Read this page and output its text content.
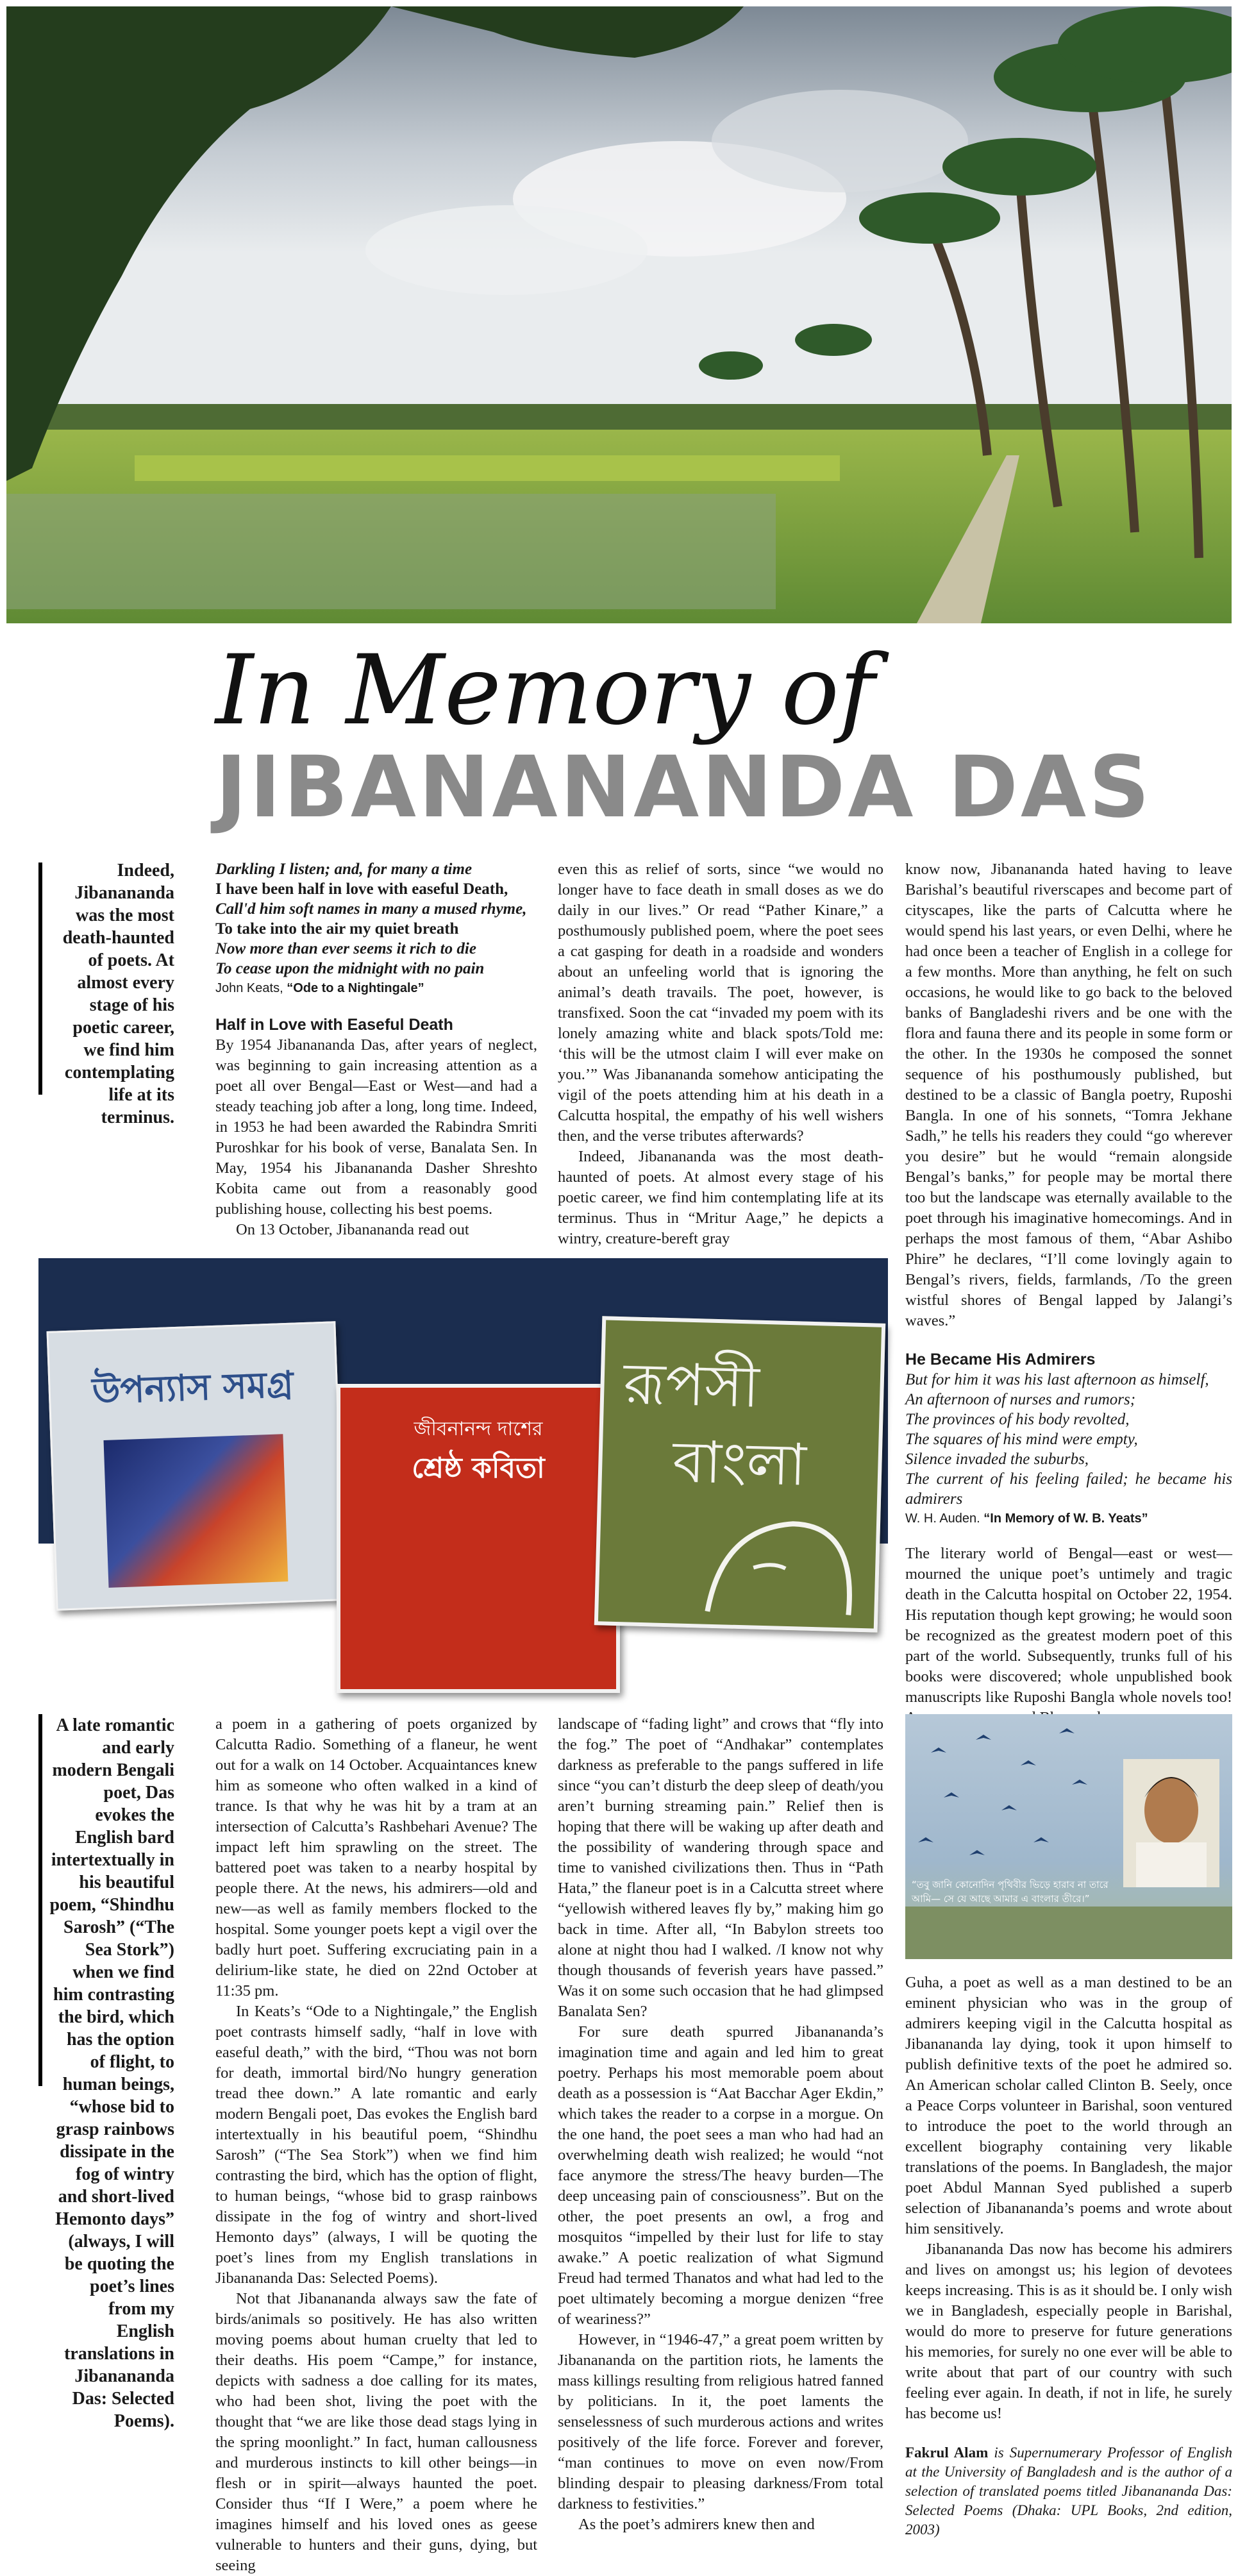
In Memory of
JIBANANANDA DAS
Indeed, Jibanananda was the most death-haunted of poets. At almost every stage of his poetic career, we find him contemplating life at its terminus.
Darkling I listen; and, for many a time
I have been half in love with easeful Death,
Call'd him soft names in many a mused rhyme,
To take into the air my quiet breath
Now more than ever seems it rich to die
To cease upon the midnight with no pain
John Keats, “Ode to a Nightingale”

Half in Love with Easeful Death

By 1954 Jibanananda Das, after years of neglect, was beginning to gain increasing attention as a poet all over Bengal—East or West—and had a steady teaching job after a long, long time. Indeed, in 1953 he had been awarded the Rabindra Smriti Puroshkar for his book of verse, Banalata Sen. In May, 1954 his Jibanananda Dasher Shreshto Kobita came out from a reasonably good publishing house, collecting his best poems.

On 13 October, Jibanananda read out

even this as relief of sorts, since “we would no longer have to face death in small doses as we do daily in our lives.” Or read “Pather Kinare,” a posthumously published poem, where the poet sees a cat gasping for death in a roadside and wonders about an unfeeling world that is ignoring the animal’s death travails. The poet, however, is transfixed. Soon the cat “invaded my poem with its lonely amazing white and black spots/Told me: ‘this will be the utmost claim I will ever make on you.’” Was Jibanananda somehow anticipating the vigil of the poets attending him at his death in a Calcutta hospital, the empathy of his well wishers then, and the verse tributes afterwards?

Indeed, Jibanananda was the most death-haunted of poets. At almost every stage of his poetic career, we find him contemplating life at its terminus. Thus in “Mritur Aage,” he depicts a wintry, creature-bereft gray

know now, Jibanananda hated having to leave Barishal’s beautiful riverscapes and become part of cityscapes, like the parts of Calcutta where he would spend his last years, or even Delhi, where he had once been a teacher of English in a college for a few months. More than anything, he felt on such occasions, he would like to go back to the beloved banks of Bangladeshi rivers and be one with the flora and fauna there and its people in some form or the other. In the 1930s he composed the sonnet sequence of his posthumously published, but destined to be a classic of Bangla poetry, Ruposhi Bangla. In one of his sonnets, “Tomra Jekhane Sadh,” he tells his readers they could “go wherever you desire” but he would “remain alongside Bengal’s banks,” for people may be mortal there too but the landscape was eternally available to the poet through his imaginative homecomings. And in perhaps the most famous of them, “Abar Ashibo Phire” he declares, “I’ll come lovingly again to Bengal’s rivers, fields, farmlands, /To the green wistful shores of Bengal lapped by Jalangi’s waves.”

He Became His Admirers

But for him it was his last afternoon as himself,
An afternoon of nurses and rumors;
The provinces of his body revolted,
The squares of his mind were empty,
Silence invaded the suburbs,
The current of his feeling failed; he became his admirers
W. H. Auden. “In Memory of W. B. Yeats”

The literary world of Bengal—east or west—mourned the unique poet’s untimely and tragic death in the Calcutta hospital on October 22, 1954. His reputation though kept growing; he would soon be recognized as the greatest modern poet of this part of the world. Subsequently, trunks full of his books were discovered; whole unpublished book manuscripts like Ruposhi Bangla whole novels too!

উপন্যাস সমগ্র
জীবনানন্দ দাশের
শ্রেষ্ঠ কবিতা
রূপসী
বাংলা
A late romantic and early modern Bengali poet, Das evokes the English bard intertextually in his beautiful poem, “Shindhu Sarosh” (“The Sea Stork”) when we find him contrasting the bird, which has the option of flight, to human beings, “whose bid to grasp rainbows dissipate in the fog of wintry and short-lived Hemonto days” (always, I will be quoting the poet’s lines from my English translations in Jibanananda Das: Selected Poems).

a poem in a gathering of poets organized by Calcutta Radio. Something of a flaneur, he went out for a walk on 14 October. Acquaintances knew him as someone who often walked in a kind of trance. Is that why he was hit by a tram at an intersection of Calcutta’s Rashbehari Avenue? The impact left him sprawling on the street. The battered poet was taken to a nearby hospital by people there. At the news, his admirers—old and new—as well as family members flocked to the hospital. Some younger poets kept a vigil over the badly hurt poet. Suffering excruciating pain in a delirium-like state, he died on 22nd October at 11:35 pm.

In Keats’s “Ode to a Nightingale,” the English poet contrasts himself sadly, “half in love with easeful death,” with the bird, “Thou was not born for death, immortal bird/No hungry generation tread thee down.” A late romantic and early modern Bengali poet, Das evokes the English bard intertextually in his beautiful poem, “Shindhu Sarosh” (“The Sea Stork”) when we find him contrasting the bird, which has the option of flight, to human beings, “whose bid to grasp rainbows dissipate in the fog of wintry and short-lived Hemonto days” (always, I will be quoting the poet’s lines from my English translations in Jibanananda Das: Selected Poems).

Not that Jibanananda always saw the fate of birds/animals so positively. He has also written moving poems about human cruelty that led to their deaths. His poem “Campe,” for instance, depicts with sadness a doe calling for its mates, who had been shot, living the poet with the thought that “we are like those dead stags lying in the spring moonlight.” In fact, human callousness and murderous instincts to kill other beings—in flesh or in spirit—always haunted the poet. Consider thus “If I Were,” a poem where he imagines himself and his loved ones as geese vulnerable to hunters and their guns, dying, but seeing

landscape of “fading light” and crows that “fly into the fog.” The poet of “Andhakar” contemplates darkness as preferable to the pangs suffered in life since “you can’t disturb the deep sleep of death/you aren’t burning streaming pain.” Relief then is hoping that there will be waking up after death and the possibility of wandering through space and time to vanished civilizations then. Thus in “Path Hata,” the flaneur poet is in a Calcutta street where “yellowish withered leaves fly by,” making him go back in time. After all, “In Babylon streets too alone at night thou had I walked. /I know not why though thousands of feverish years have passed.” Was it on some such occasion that he had glimpsed Banalata Sen?

For sure death spurred Jibanananda’s imagination time and again and led him to great poetry. Perhaps his most memorable poem about death as a possession is “Aat Bacchar Ager Ekdin,” which takes the reader to a corpse in a morgue. On the one hand, the poet sees a man who had had an overwhelming death wish realized; he would “not face anymore the stress/The heavy burden—The deep unceasing pain of consciousness”. But on the other, the poet presents an owl, a frog and mosquitos “impelled by their lust for life to stay awake.” A poetic realization of what Sigmund Freud had termed Thanatos and what had led to the poet ultimately becoming a morgue denizen “free of weariness?”

However, in “1946-47,” a great poem written by Jibanananda on the partition riots, he laments the mass killings resulting from religious hatred fanned by politicians. In it, the poet laments the senselessness of such murderous actions and writes positively of the life force. Forever and forever, “man continues to move on even now/From blinding despair to pleasing darkness/From total darkness to festivities.”

As the poet’s admirers knew then and

“তবু জানি কোনোদিন পৃথিবীর ভিড়ে হারাব না তারে আমি— সে যে আছে আমার এ বাংলার তীরে।”

Guha, a poet as well as a man destined to be an eminent physician who was in the group of admirers keeping vigil in the Calcutta hospital as Jibanananda lay dying, took it upon himself to publish definitive texts of the poet he admired so. An American scholar called Clinton B. Seely, once a Peace Corps volunteer in Barishal, soon ventured to introduce the poet to the world through an excellent biography containing very likable translations of the poems. In Bangladesh, the major poet Abdul Mannan Syed published a superb selection of Jibanananda’s poems and wrote about him sensitively.

Jibanananda Das now has become his admirers and lives on amongst us; his legion of devotees keeps increasing. This is as it should be. I only wish we in Bangladesh, especially people in Barishal, would do more to preserve for future generations his memories, for surely no one ever will be able to write about that part of our country with such feeling ever again. In death, if not in life, he surely has become us!

Fakrul Alam is Supernumerary Professor of English at the University of Bangladesh and is the author of a selection of translated poems titled Jibanananda Das: Selected Poems (Dhaka: UPL Books, 2nd edition, 2003)
